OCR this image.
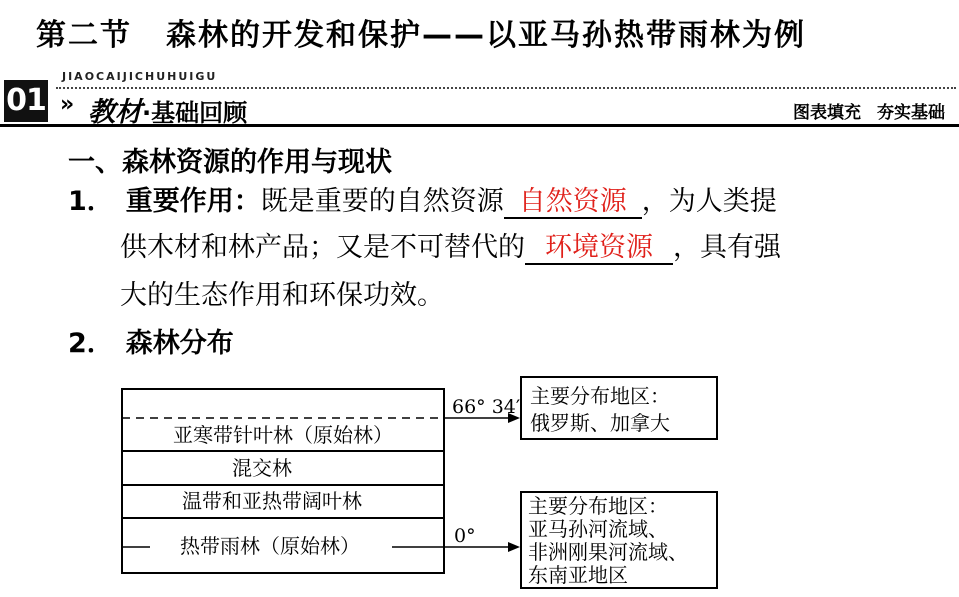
第二节 森林的开发和保护——以亚马孙热带雨林为例
01
JIAOCAIJICHUHUIGU
» 教材·基础回顾	图表填充 夯实基础
一、森林资源的作用与现状
1． 重要作用：既是重要的自然资源 自然资源 ，为人类提
供木材和林产品；又是不可替代的 环境资源 ，具有强
大的生态作用和环保功效。
2． 森林分布
亚寒带针叶林（原始林）
混交林
温带和亚热带阔叶林
热带雨林（原始林）
66° 34′
0°
主要分布地区：
俄罗斯、加拿大
主要分布地区：
亚马孙河流域、
非洲刚果河流域、
东南亚地区
